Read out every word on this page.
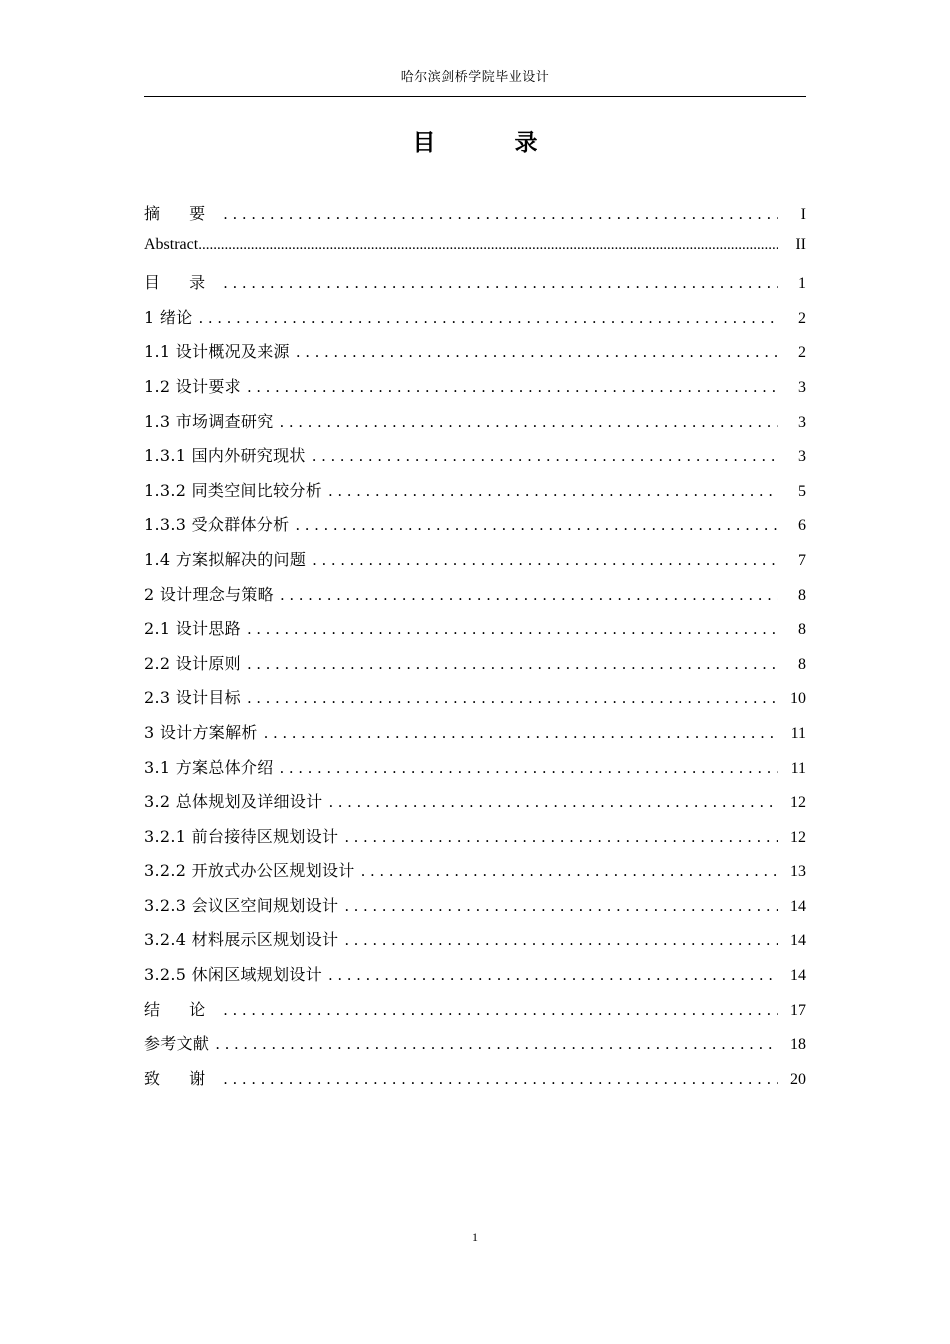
哈尔滨剑桥学院毕业设计
目　录
摘 要 .....	I
Abstract .....	II
目 录 .....	1
1 绪论 .....	2
1.1 设计概况及来源 .....	2
1.2 设计要求 .....	3
1.3 市场调查研究 .....	3
1.3.1 国内外研究现状 .....	3
1.3.2 同类空间比较分析 .....	5
1.3.3 受众群体分析 .....	6
1.4 方案拟解决的问题 .....	7
2 设计理念与策略 .....	8
2.1 设计思路 .....	8
2.2 设计原则 .....	8
2.3 设计目标 .....	10
3 设计方案解析 .....	11
3.1 方案总体介绍 .....	11
3.2 总体规划及详细设计 .....	12
3.2.1 前台接待区规划设计 .....	12
3.2.2 开放式办公区规划设计 .....	13
3.2.3 会议区空间规划设计 .....	14
3.2.4 材料展示区规划设计 .....	14
3.2.5 休闲区域规划设计 .....	14
结 论 .....	17
参考文献 .....	18
致 谢 .....	20
1
